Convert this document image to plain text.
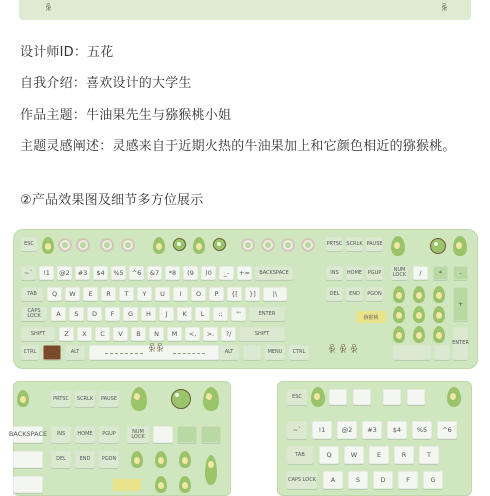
ꆜ	ꆜ
设计师ID：五花
自我介绍：喜欢设计的大学生
作品主题：牛油果先生与猕猴桃小姐
主题灵感阐述：灵感来自于近期火热的牛油果加上和它颜色相近的猕猴桃。
②产品效果图及细节多方位展示
ESC	PRTSC SCRLK PAUSE
CTRL	ALT	ꆜꆜ	ALT	MENU	CTRL
猕猴桃
ꆜ ꆜ ꆜ
~`	!1	@2	#3	$4	%5	^6	&7	*8	(9	)0	_-	+=	BACKSPACE	INS	HOME	PGUP	NUM LOCK	/	*	-
TAB	Q	W	E	R	T	Y	U	I	O	P	{[	}]	|\	DEL	END	PGDN
+
CAPS LOCK	A	S	D	F	G	H	J	K	L	:;	"'	ENTER
SHIFT	Z	X	C	V	B	N	M	<,	>.	?/	SHIFT
ENTER
PRTSC	SCRLK	PAUSE
BACKSPACE	INS	HOME	PGUP	NUM LOCK
DEL	END	PGDN
ESC
~`	!1	@2	#3	$4	%5	^6
TAB	Q	W	E	R	T
CAPS LOCK	A	S	D	F	G
